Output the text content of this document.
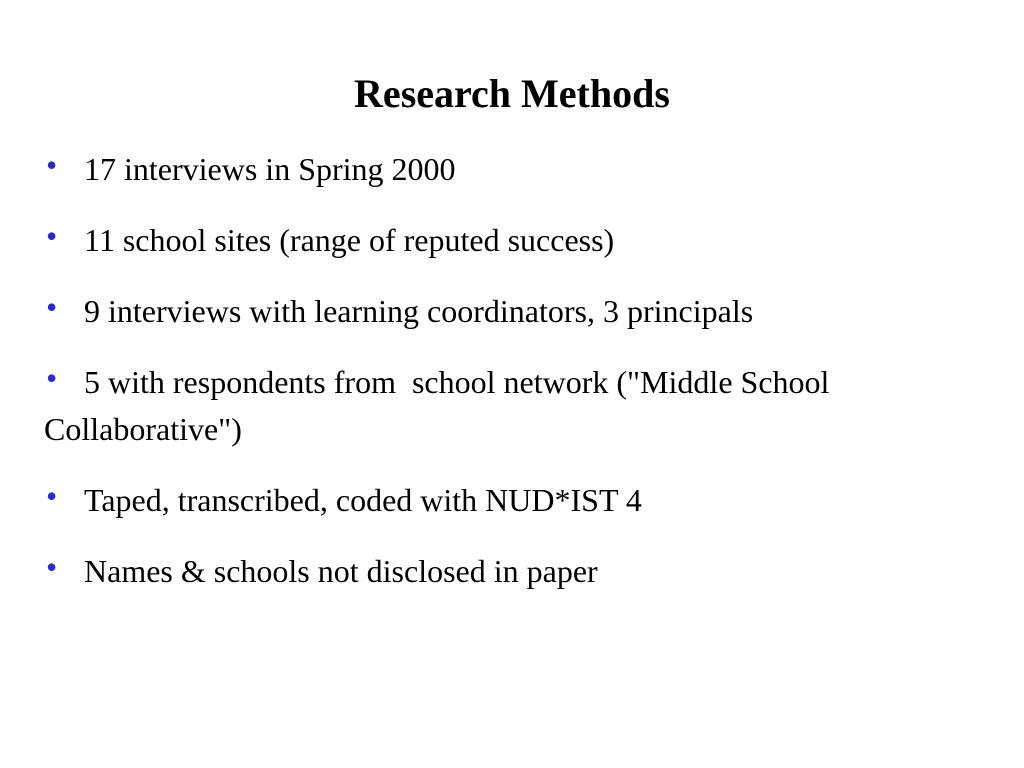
Research Methods
• 17 interviews in Spring 2000
• 11 school sites (range of reputed success)
• 9 interviews with learning coordinators, 3 principals
• 5 with respondents from  school network ("Middle School Collaborative")
• Taped, transcribed, coded with NUD*IST 4
• Names & schools not disclosed in paper
